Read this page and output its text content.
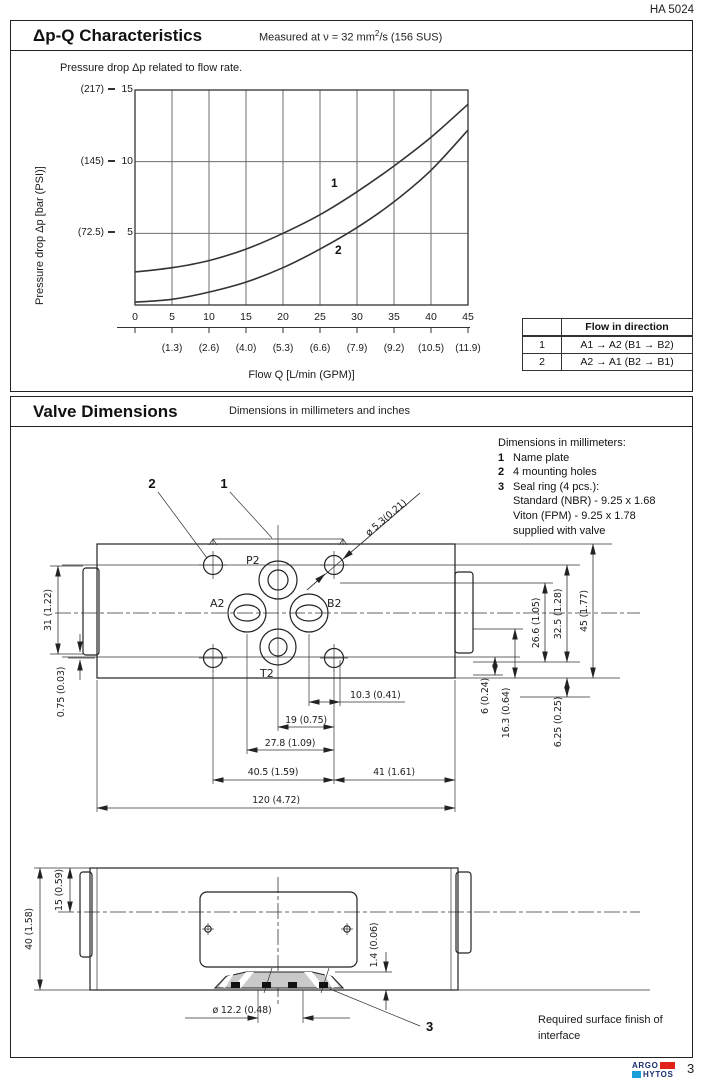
HA 5024
Δp-Q Characteristics	Measured at ν = 32 $mm^2/s$ (156 SUS)
Pressure drop Δp related to flow rate.
Pressure drop Δp [bar (PSI)]
(217) 15
(145) 10
(72.5)	5
1
2
0	5	10	15	20	25	30	35	40	45
(1.3)	(2.6)	(4.0)	(5.3)	(6.6)	(7.9)	(9.2)	(10.5)	(11.9)
Flow Q [L/min (GPM)]
	Flow in direction
1	A1 → A2 (B1 → B2)
2	A2 → A1 (B2 → B1)
Valve Dimensions	Dimensions in millimeters and inches
Dimensions in millimeters:
1 Name plate
2 4 mounting holes
3 Seal ring (4 pcs.):
Standard (NBR) - 9.25 x 1.68
Viton (FPM) - 9.25 x 1.78
supplied with valve
P2
A2	B2
T2
2	1
ø 5.3(0.21)
10.3 (0.41)
19 (0.75)
27.8 (1.09)
40.5 (1.59)	41 (1.61)
120 (4.72)
31 (1.22)
0.75 (0.03)	6 (0.24) 16.3 (0.64)
26.6 (1.05) 32.5 (1.28) 45 (1.77)
6.25 (0.25)
1.4 (0.06)
ø 12.2 (0.48)
3
15 (0.59)
40 (1.58)
Required surface finish of
interface
ARGO
HYTOS 3
